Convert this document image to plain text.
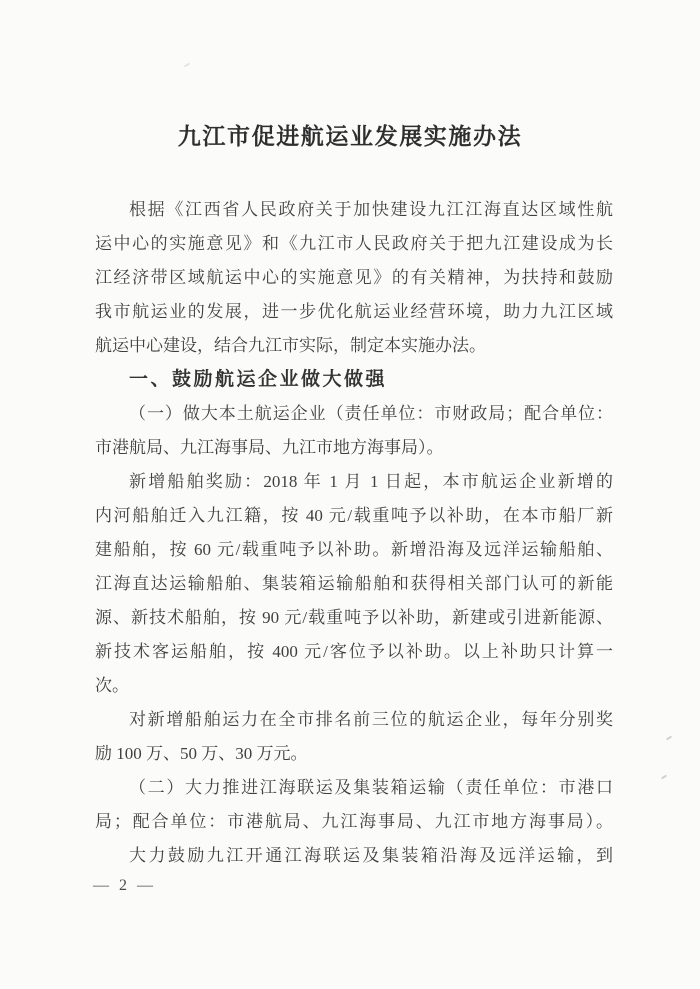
九江市促进航运业发展实施办法
根据《江西省人民政府关于加快建设九江江海直达区域性航
运中心的实施意见》和《九江市人民政府关于把九江建设成为长
江经济带区域航运中心的实施意见》的有关精神，为扶持和鼓励
我市航运业的发展，进一步优化航运业经营环境，助力九江区域
航运中心建设，结合九江市实际，制定本实施办法。
一、鼓励航运企业做大做强
（一）做大本土航运企业（责任单位：市财政局；配合单位：
市港航局、九江海事局、九江市地方海事局）。
新增船舶奖励：2018 年 1 月 1 日起，本市航运企业新增的
内河船舶迁入九江籍，按 40 元/载重吨予以补助，在本市船厂新
建船舶，按 60 元/载重吨予以补助。新增沿海及远洋运输船舶、
江海直达运输船舶、集装箱运输船舶和获得相关部门认可的新能
源、新技术船舶，按 90 元/载重吨予以补助，新建或引进新能源、
新技术客运船舶，按 400 元/客位予以补助。以上补助只计算一
次。
对新增船舶运力在全市排名前三位的航运企业，每年分别奖
励 100 万、50 万、30 万元。
（二）大力推进江海联运及集装箱运输（责任单位：市港口
局；配合单位：市港航局、九江海事局、九江市地方海事局）。
大力鼓励九江开通江海联运及集装箱沿海及远洋运输，到
— 2 —
